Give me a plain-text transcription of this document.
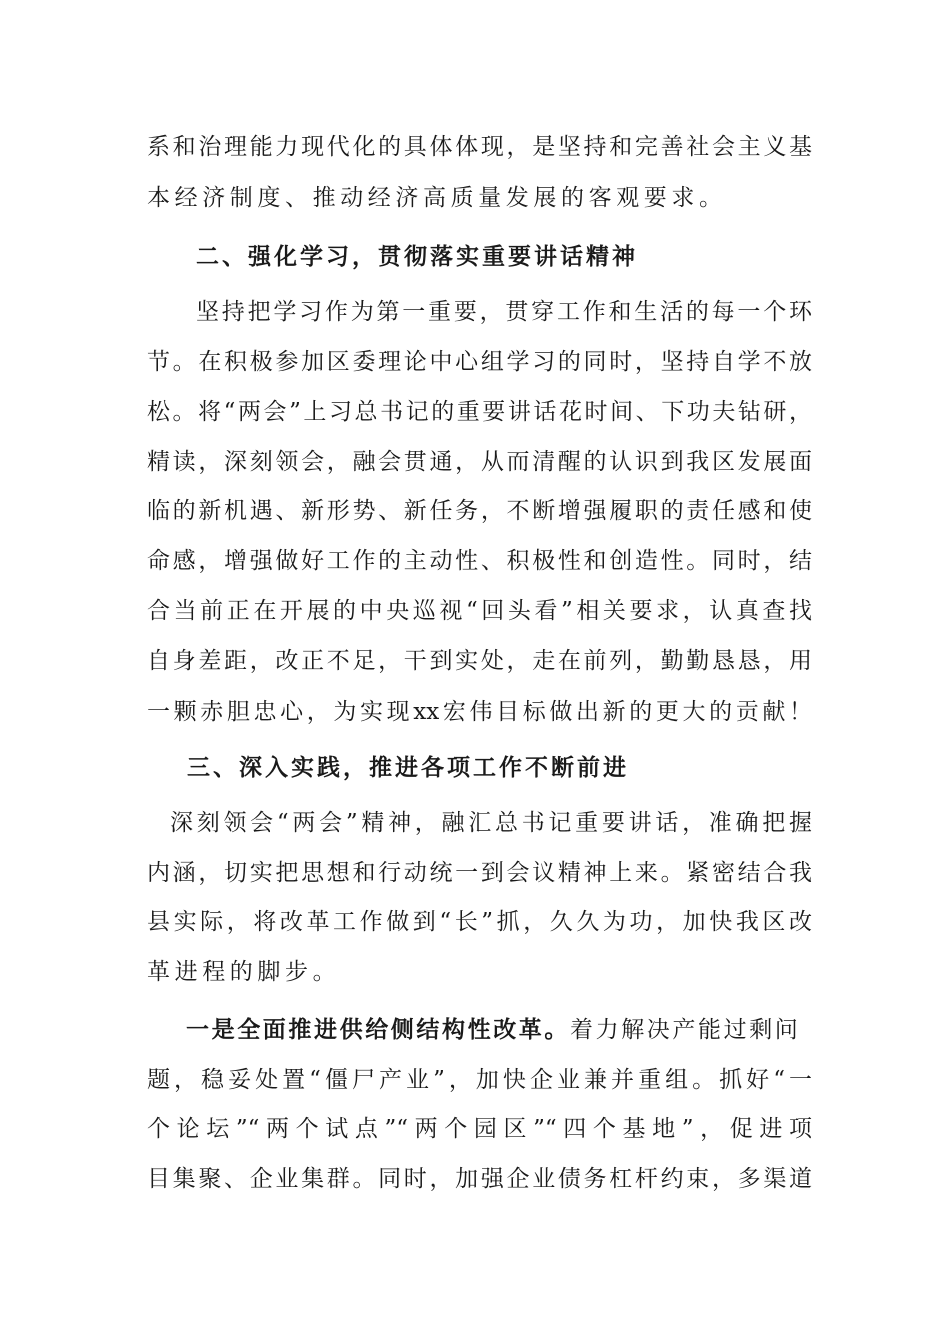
系和治理能力现代化的具体体现，是坚持和完善社会主义基
本经济制度、推动经济高质量发展的客观要求。
二、强化学习，贯彻落实重要讲话精神
坚持把学习作为第一重要，贯穿工作和生活的每一个环
节。在积极参加区委理论中心组学习的同时，坚持自学不放
松。将“两会”上习总书记的重要讲话花时间、下功夫钻研，
精读，深刻领会，融会贯通，从而清醒的认识到我区发展面
临的新机遇、新形势、新任务，不断增强履职的责任感和使
命感，增强做好工作的主动性、积极性和创造性。同时，结
合当前正在开展的中央巡视“回头看”相关要求，认真查找
自身差距，改正不足，干到实处，走在前列，勤勤恳恳，用
一颗赤胆忠心，为实现xx宏伟目标做出新的更大的贡献！
三、深入实践，推进各项工作不断前进
深刻领会“两会”精神，融汇总书记重要讲话，准确把握
内涵，切实把思想和行动统一到会议精神上来。紧密结合我
县实际，将改革工作做到“长”抓，久久为功，加快我区改
革进程的脚步。
一是全面推进供给侧结构性改革。着力解决产能过剩问
题，稳妥处置“僵尸产业”，加快企业兼并重组。抓好“一
个论坛”“两个试点”“两个园区”“四个基地”，促进项
目集聚、企业集群。同时，加强企业债务杠杆约束，多渠道
